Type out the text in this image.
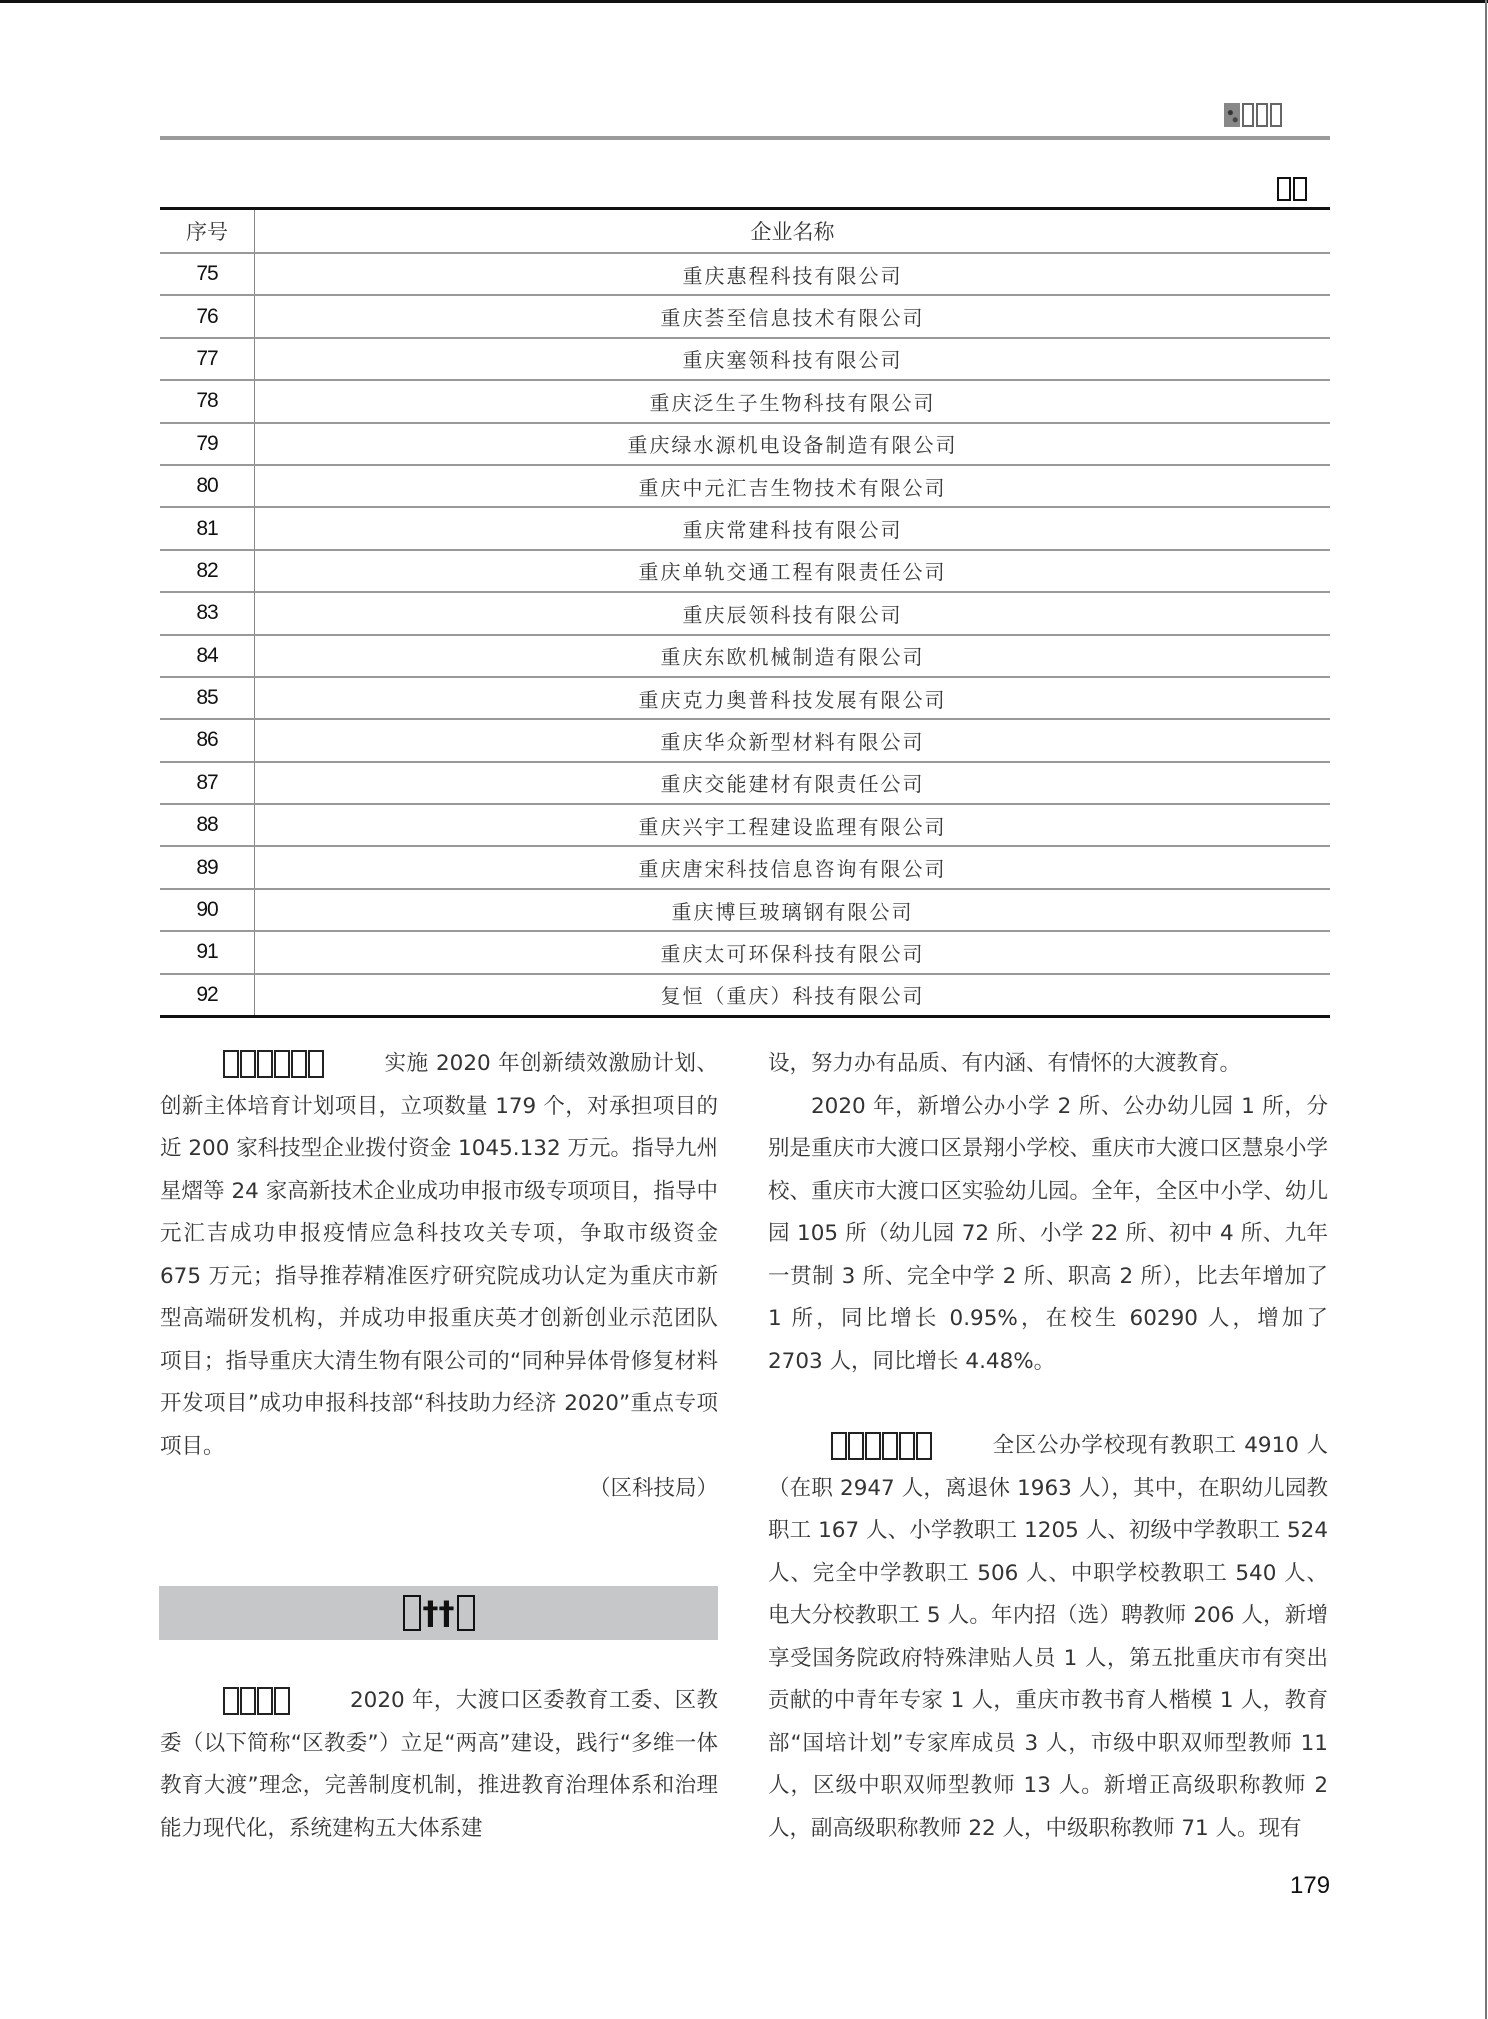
序号	企业名称
75	重庆惠程科技有限公司
76	重庆荟至信息技术有限公司
77	重庆塞领科技有限公司
78	重庆泛生子生物科技有限公司
79	重庆绿水源机电设备制造有限公司
80	重庆中元汇吉生物技术有限公司
81	重庆常建科技有限公司
82	重庆单轨交通工程有限责任公司
83	重庆辰领科技有限公司
84	重庆东欧机械制造有限公司
85	重庆克力奥普科技发展有限公司
86	重庆华众新型材料有限公司
87	重庆交能建材有限责任公司
88	重庆兴宇工程建设监理有限公司
89	重庆唐宋科技信息咨询有限公司
90	重庆博巨玻璃钢有限公司
91	重庆太可环保科技有限公司
92	复恒（重庆）科技有限公司

实施 2020 年创新绩效激励计划、创新主体培育计划项目，立项数量 179 个，对承担项目的近 200 家科技型企业拨付资金 1045.132 万元。指导九州星熠等 24 家高新技术企业成功申报市级专项项目，指导中元汇吉成功申报疫情应急科技攻关专项，争取市级资金 675 万元；指导推荐精准医疗研究院成功认定为重庆市新型高端研发机构，并成功申报重庆英才创新创业示范团队项目；指导重庆大清生物有限公司的“同种异体骨修复材料开发项目”成功申报科技部“科技助力经济 2020”重点专项项目。

（区科技局）

††

2020 年，大渡口区委教育工委、区教委（以下简称“区教委”）立足“两高”建设，践行“多维一体　教育大渡”理念，完善制度机制，推进教育治理体系和治理能力现代化，系统建构五大体系建

设，努力办有品质、有内涵、有情怀的大渡教育。

2020 年，新增公办小学 2 所、公办幼儿园 1 所，分别是重庆市大渡口区景翔小学校、重庆市大渡口区慧泉小学校、重庆市大渡口区实验幼儿园。全年，全区中小学、幼儿园 105 所（幼儿园 72 所、小学 22 所、初中 4 所、九年一贯制 3 所、完全中学 2 所、职高 2 所），比去年增加了 1 所，同比增长 0.95%，在校生 60290 人，增加了 2703 人，同比增长 4.48%。

全区公办学校现有教职工 4910 人（在职 2947 人，离退休 1963 人），其中，在职幼儿园教职工 167 人、小学教职工 1205 人、初级中学教职工 524 人、完全中学教职工 506 人、中职学校教职工 540 人、电大分校教职工 5 人。年内招（选）聘教师 206 人，新增享受国务院政府特殊津贴人员 1 人，第五批重庆市有突出贡献的中青年专家 1 人，重庆市教书育人楷模 1 人，教育部“国培计划”专家库成员 3 人，市级中职双师型教师 11 人，区级中职双师型教师 13 人。新增正高级职称教师 2 人，副高级职称教师 22 人，中级职称教师 71 人。现有

179
